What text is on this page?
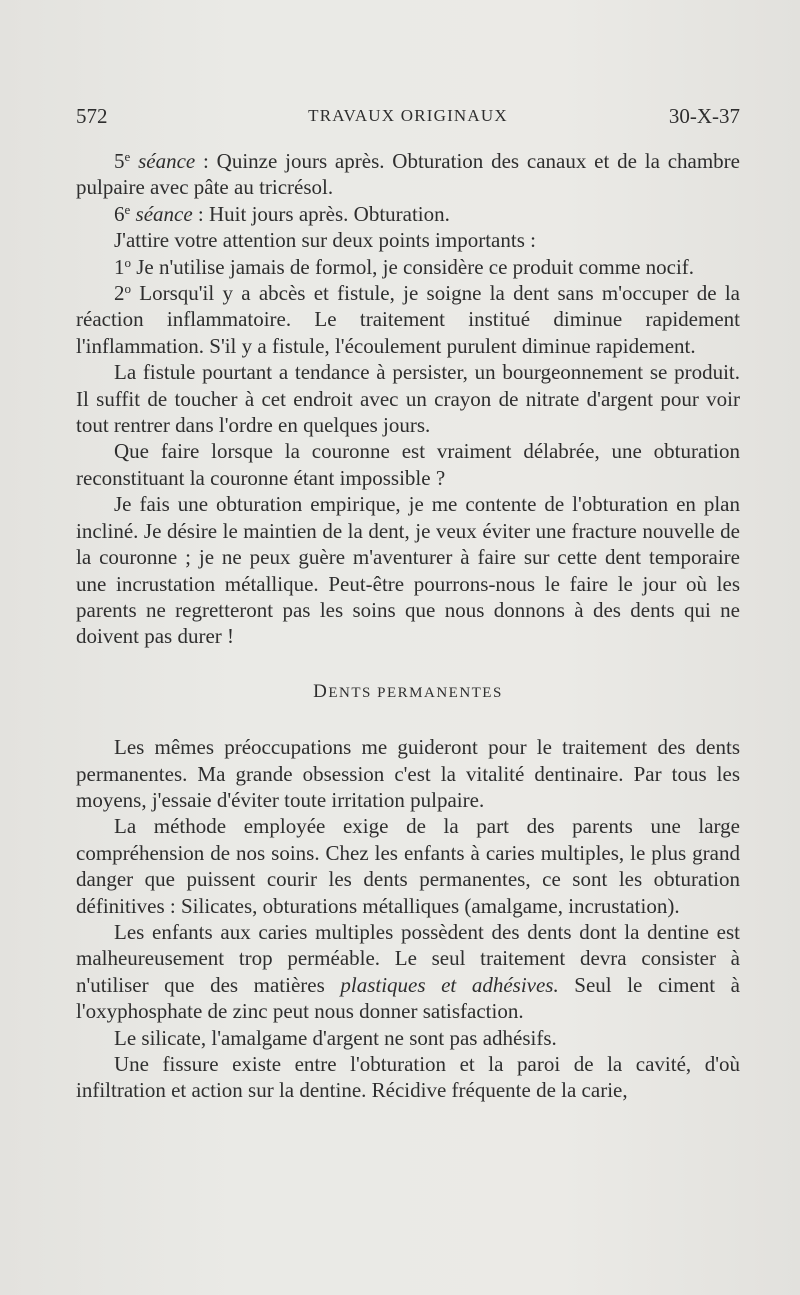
572	TRAVAUX ORIGINAUX	30-X-37

5e séance : Quinze jours après. Obturation des canaux et de la chambre pulpaire avec pâte au tricrésol.

6e séance : Huit jours après. Obturation.

J'attire votre attention sur deux points importants :

1$^o$ Je n'utilise jamais de formol, je considère ce produit comme nocif.

2$^o$ Lorsqu'il y a abcès et fistule, je soigne la dent sans m'occuper de la réaction inflammatoire. Le traitement institué diminue rapidement l'inflammation. S'il y a fistule, l'écoulement purulent diminue rapidement.

La fistule pourtant a tendance à persister, un bourgeonnement se produit. Il suffit de toucher à cet endroit avec un crayon de nitrate d'argent pour voir tout rentrer dans l'ordre en quelques jours.

Que faire lorsque la couronne est vraiment délabrée, une obturation reconstituant la couronne étant impossible ?

Je fais une obturation empirique, je me contente de l'obturation en plan incliné. Je désire le maintien de la dent, je veux éviter une fracture nouvelle de la couronne ; je ne peux guère m'aventurer à faire sur cette dent temporaire une incrustation métallique. Peut-être pourrons-nous le faire le jour où les parents ne regretteront pas les soins que nous donnons à des dents qui ne doivent pas durer !

DENTS PERMANENTES

Les mêmes préoccupations me guideront pour le traitement des dents permanentes. Ma grande obsession c'est la vitalité dentinaire. Par tous les moyens, j'essaie d'éviter toute irritation pulpaire.

La méthode employée exige de la part des parents une large compréhension de nos soins. Chez les enfants à caries multiples, le plus grand danger que puissent courir les dents permanentes, ce sont les obturation définitives : Silicates, obturations métalliques (amalgame, incrustation).

Les enfants aux caries multiples possèdent des dents dont la dentine est malheureusement trop perméable. Le seul traitement devra consister à n'utiliser que des matières plastiques et adhésives. Seul le ciment à l'oxyphosphate de zinc peut nous donner satisfaction.

Le silicate, l'amalgame d'argent ne sont pas adhésifs.

Une fissure existe entre l'obturation et la paroi de la cavité, d'où infiltration et action sur la dentine. Récidive fréquente de la carie,
